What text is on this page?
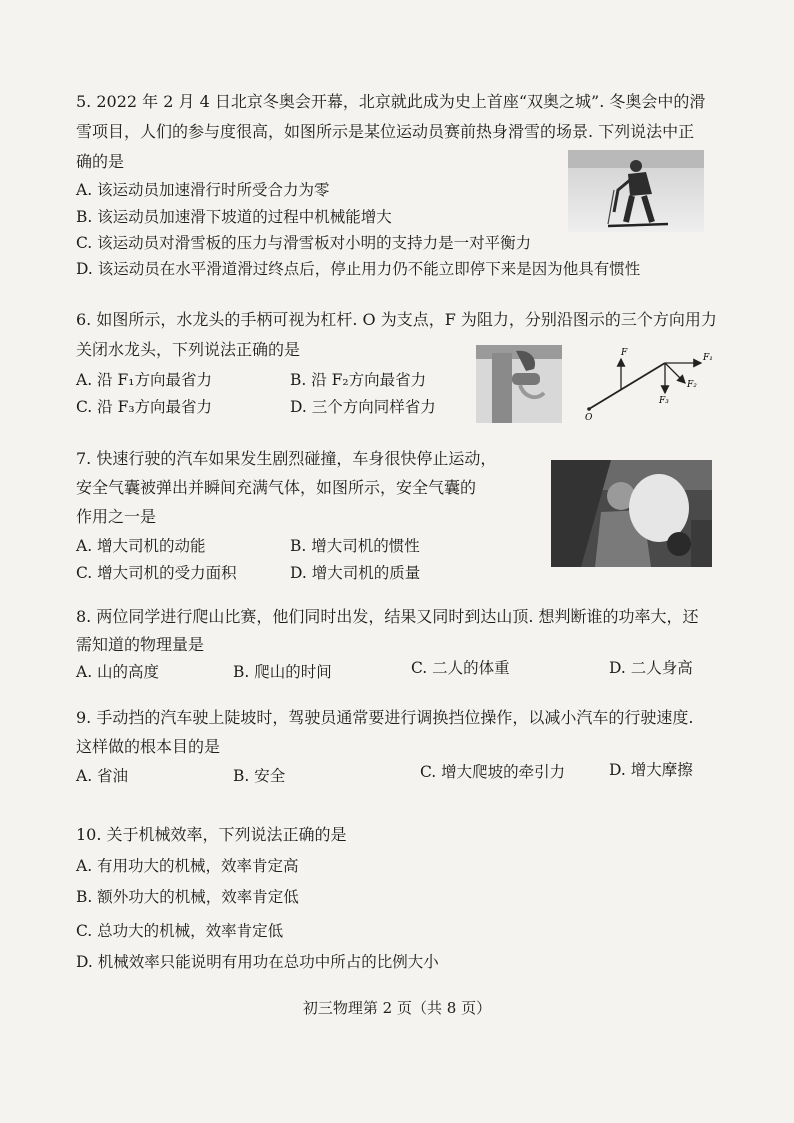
5. 2022 年 2 月 4 日北京冬奥会开幕，北京就此成为史上首座“双奥之城”. 冬奥会中的滑
雪项目，人们的参与度很高，如图所示是某位运动员赛前热身滑雪的场景. 下列说法中正
确的是
A. 该运动员加速滑行时所受合力为零
B. 该运动员加速滑下坡道的过程中机械能增大
C. 该运动员对滑雪板的压力与滑雪板对小明的支持力是一对平衡力
D. 该运动员在水平滑道滑过终点后，停止用力仍不能立即停下来是因为他具有惯性
6. 如图所示，水龙头的手柄可视为杠杆. O 为支点，F 为阻力，分别沿图示的三个方向用力
关闭水龙头，下列说法正确的是
A. 沿 F₁方向最省力	B. 沿 F₂方向最省力
C. 沿 F₃方向最省力	D. 三个方向同样省力
F	F₁
F₂
F₃
O
7. 快速行驶的汽车如果发生剧烈碰撞，车身很快停止运动，
安全气囊被弹出并瞬间充满气体，如图所示，安全气囊的
作用之一是
A. 增大司机的动能	B. 增大司机的惯性
C. 增大司机的受力面积	D. 增大司机的质量
8. 两位同学进行爬山比赛，他们同时出发，结果又同时到达山顶. 想判断谁的功率大，还
需知道的物理量是
A. 山的高度	B. 爬山的时间	C. 二人的体重	D. 二人身高
9. 手动挡的汽车驶上陡坡时，驾驶员通常要进行调换挡位操作，以减小汽车的行驶速度.
这样做的根本目的是
A. 省油	B. 安全	C. 增大爬坡的牵引力	D. 增大摩擦
10. 关于机械效率，下列说法正确的是
A. 有用功大的机械，效率肯定高
B. 额外功大的机械，效率肯定低
C. 总功大的机械，效率肯定低
D. 机械效率只能说明有用功在总功中所占的比例大小
初三物理第 2 页（共 8 页）
